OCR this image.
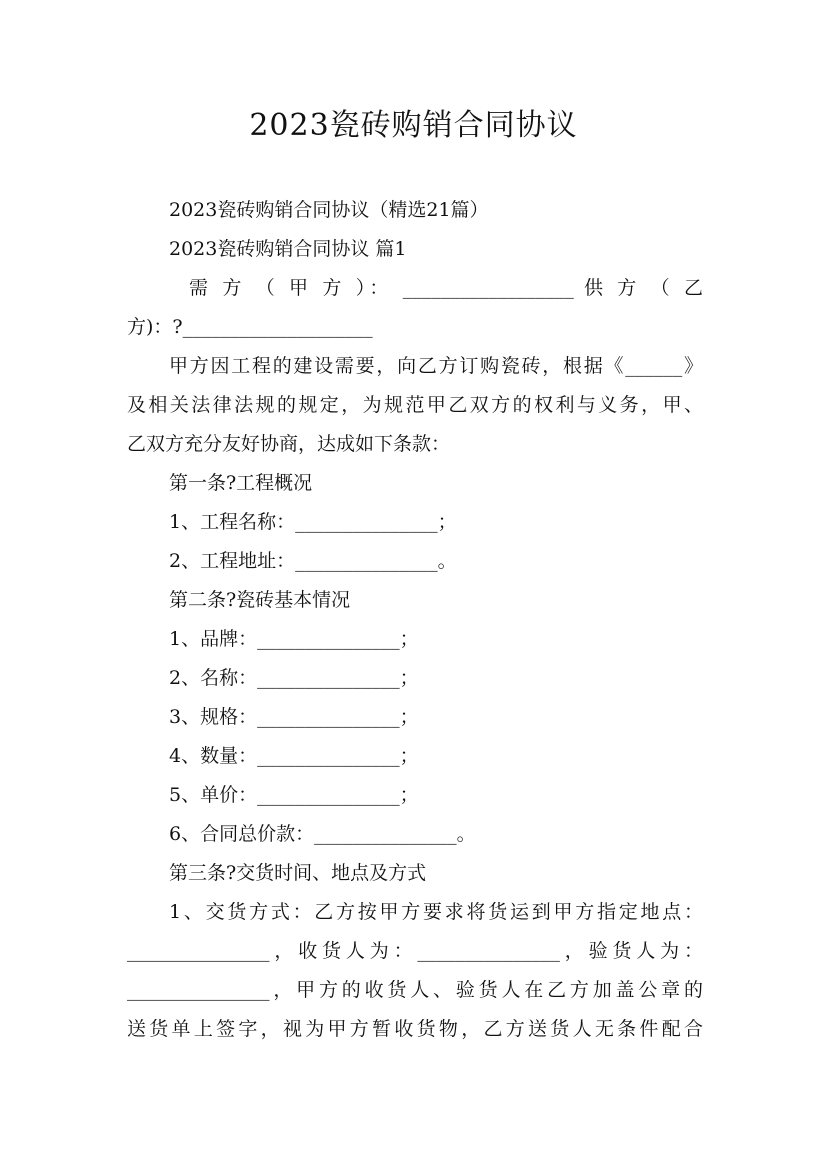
2023瓷砖购销合同协议
2023瓷砖购销合同协议（精选21篇）
2023瓷砖购销合同协议 篇1
需 方 （ 甲 方 ）： __________________ 供 方 （ 乙
方)：?____________________
甲方因工程的建设需要，向乙方订购瓷砖，根据《______》
及相关法律法规的规定，为规范甲乙双方的权利与义务，甲、
乙双方充分友好协商，达成如下条款：
第一条?工程概况
1、工程名称：_______________；
2、工程地址：_______________。
第二条?瓷砖基本情况
1、品牌：_______________；
2、名称：_______________；
3、规格：_______________；
4、数量：_______________；
5、单价：_______________；
6、合同总价款：_______________。
第三条?交货时间、地点及方式
1、交货方式：乙方按甲方要求将货运到甲方指定地点：
_______________，收货人为：_______________，验货人为：
_______________，甲方的收货人、验货人在乙方加盖公章的
送货单上签字，视为甲方暂收货物，乙方送货人无条件配合
